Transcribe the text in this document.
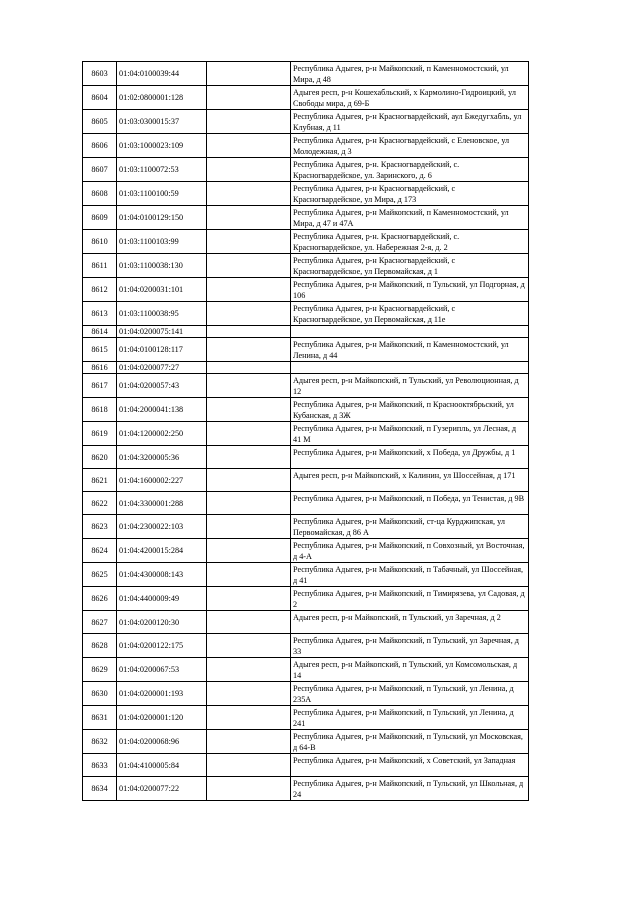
8603	01:04:0100039:44		Республика Адыгея, р-н Майкопский, п Каменномостский, ул Мира, д 48
8604	01:02:0800001:128		Адыгея респ, р-н Кошехабльский, х Кармолино-Гидроицкий, ул Свободы мира, д 69-Б
8605	01:03:0300015:37		Республика Адыгея, р-н Красногвардейский, аул Бжедугхабль, ул Клубная, д 11
8606	01:03:1000023:109		Республика Адыгея, р-н Красногвардейский, с Еленовское, ул Молодежная, д 3
8607	01:03:1100072:53		Республика Адыгея, р-н. Красногвардейский, с. Красногвардейское, ул. Заринского, д. 6
8608	01:03:1100100:59		Республика Адыгея, р-н Красногвардейский, с Красногвардейское, ул Мира, д 173
8609	01:04:0100129:150		Республика Адыгея, р-н Майкопский, п Каменномостский, ул Мира, д 47 и 47А
8610	01:03:1100103:99		Республика Адыгея, р-н. Красногвардейский, с. Красногвардейское, ул. Набережная 2-я, д. 2
8611	01:03:1100038:130		Республика Адыгея, р-н Красногвардейский, с Красногвардейское, ул Первомайская, д 1
8612	01:04:0200031:101		Республика Адыгея, р-н Майкопский, п Тульский, ул Подгорная, д 106
8613	01:03:1100038:95		Республика Адыгея, р-н Красногвардейский, с Красногвардейское, ул Первомайская, д 11е
8614	01:04:0200075:141		
8615	01:04:0100128:117		Республика Адыгея, р-н Майкопский, п Каменномостский, ул Ленина, д 44
8616	01:04:0200077:27		
8617	01:04:0200057:43		Адыгея респ, р-н Майкопский, п Тульский, ул Революционная, д 12
8618	01:04:2000041:138		Республика Адыгея, р-н Майкопский, п Краснооктябрьский, ул Кубанская, д 3Ж
8619	01:04:1200002:250		Республика Адыгея, р-н Майкопский, п Гузерипль, ул Лесная, д 41 М
8620	01:04:3200005:36		Республика Адыгея, р-н Майкопский, х Победа, ул Дружбы, д 1
8621	01:04:1600002:227		Адыгея респ, р-н Майкопский, х Калинин, ул Шоссейная, д 171
8622	01:04:3300001:288		Республика Адыгея, р-н Майкопский, п Победа, ул Тенистая, д 9В
8623	01:04:2300022:103		Республика Адыгея, р-н Майкопский, ст-ца Курджипская, ул Первомайская, д 86 А
8624	01:04:4200015:284		Республика Адыгея, р-н Майкопский, п Совхозный, ул Восточная, д 4-А
8625	01:04:4300008:143		Республика Адыгея, р-н Майкопский, п Табачный, ул Шоссейная, д 41
8626	01:04:4400009:49		Республика Адыгея, р-н Майкопский, п Тимирязева, ул Садовая, д 2
8627	01:04:0200120:30		Адыгея респ, р-н Майкопский, п Тульский, ул Заречная, д 2
8628	01:04:0200122:175		Республика Адыгея, р-н Майкопский, п Тульский, ул Заречная, д 33
8629	01:04:0200067:53		Адыгея респ, р-н Майкопский, п Тульский, ул Комсомольская, д 14
8630	01:04:0200001:193		Республика Адыгея, р-н Майкопский, п Тульский, ул Ленина, д 235А
8631	01:04:0200001:120		Республика Адыгея, р-н Майкопский, п Тульский, ул Ленина, д 241
8632	01:04:0200068:96		Республика Адыгея, р-н Майкопский, п Тульский, ул Московская, д 64-В
8633	01:04:4100005:84		Республика Адыгея, р-н Майкопский, х Советский, ул Западная
8634	01:04:0200077:22		Республика Адыгея, р-н Майкопский, п Тульский, ул Школьная, д 24
